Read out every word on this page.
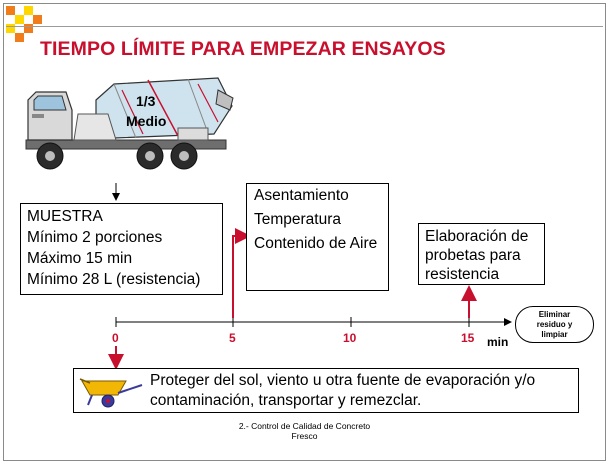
TIEMPO LÍMITE PARA EMPEZAR ENSAYOS
1/3
Medio
MUESTRA
Mínimo 2 porciones
Máximo 15 min
Mínimo 28 L (resistencia)
Asentamiento
Temperatura
Contenido de Aire	Elaboración de
probetas para
resistencia
Eliminar residuo y limpiar
0	5	10	15 min
Proteger del sol, viento u otra fuente de evaporación y/o
contaminación, transportar y remezclar.
2.- Control de Calidad de Concreto
Fresco
